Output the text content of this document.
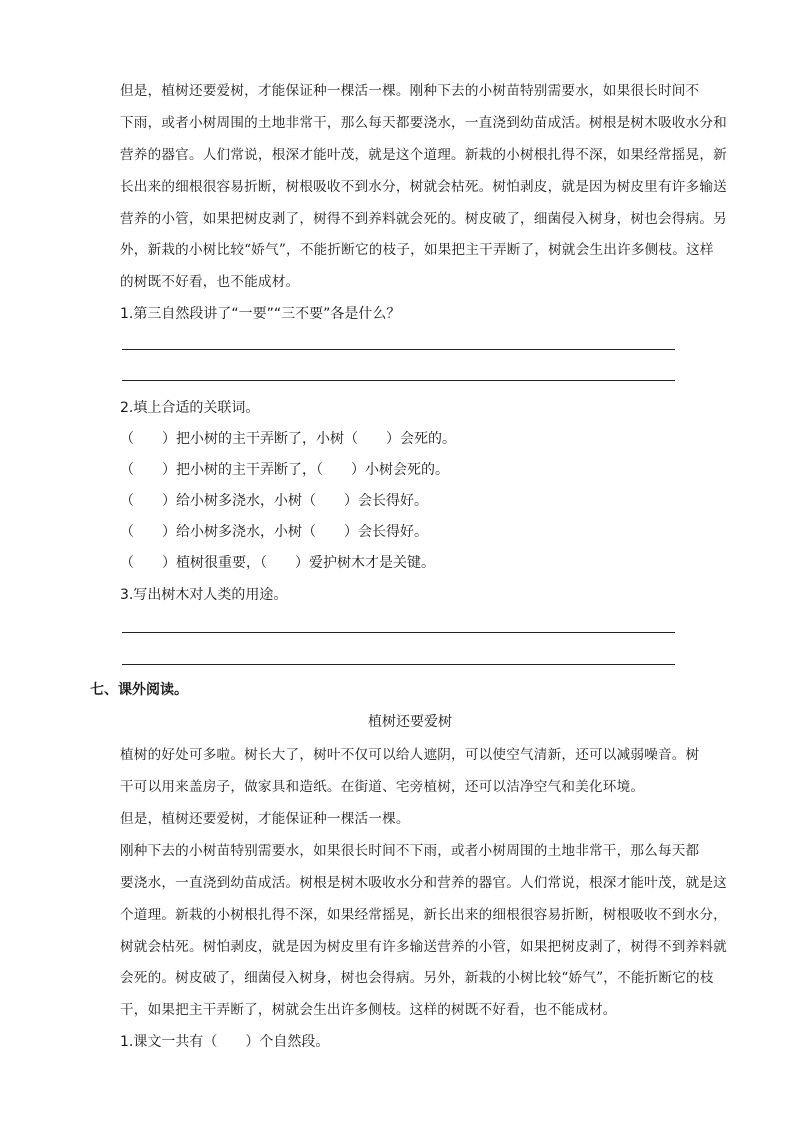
但是，植树还要爱树，才能保证种一棵活一棵。刚种下去的小树苗特别需要水，如果很长时间不
下雨，或者小树周围的土地非常干，那么每天都要浇水，一直浇到幼苗成活。树根是树木吸收水分和
营养的器官。人们常说，根深才能叶茂，就是这个道理。新栽的小树根扎得不深，如果经常摇晃，新
长出来的细根很容易折断，树根吸收不到水分，树就会枯死。树怕剥皮，就是因为树皮里有许多输送
营养的小管，如果把树皮剥了，树得不到养料就会死的。树皮破了，细菌侵入树身，树也会得病。另
外，新栽的小树比较“娇气”，不能折断它的枝子，如果把主干弄断了，树就会生出许多侧枝。这样
的树既不好看，也不能成材。
1.第三自然段讲了“一要”“三不要”各是什么？
2.填上合适的关联词。
（　　）把小树的主干弄断了，小树（　　）会死的。
（　　）把小树的主干弄断了，（　　）小树会死的。
（　　）给小树多浇水，小树（　　）会长得好。
（　　）给小树多浇水，小树（　　）会长得好。
（　　）植树很重要，（　　）爱护树木才是关键。
3.写出树木对人类的用途。
七、课外阅读。
植树还要爱树
植树的好处可多啦。树长大了，树叶不仅可以给人遮阴，可以使空气清新，还可以减弱噪音。树
干可以用来盖房子，做家具和造纸。在街道、宅旁植树，还可以洁净空气和美化环境。
但是，植树还要爱树，才能保证种一棵活一棵。
刚种下去的小树苗特别需要水，如果很长时间不下雨，或者小树周围的土地非常干，那么每天都
要浇水，一直浇到幼苗成活。树根是树木吸收水分和营养的器官。人们常说，根深才能叶茂，就是这
个道理。新栽的小树根扎得不深，如果经常摇晃，新长出来的细根很容易折断，树根吸收不到水分，
树就会枯死。树怕剥皮，就是因为树皮里有许多输送营养的小管，如果把树皮剥了，树得不到养料就
会死的。树皮破了，细菌侵入树身，树也会得病。另外，新栽的小树比较“娇气”，不能折断它的枝
干，如果把主干弄断了，树就会生出许多侧枝。这样的树既不好看，也不能成材。
1.课文一共有（　　）个自然段。
